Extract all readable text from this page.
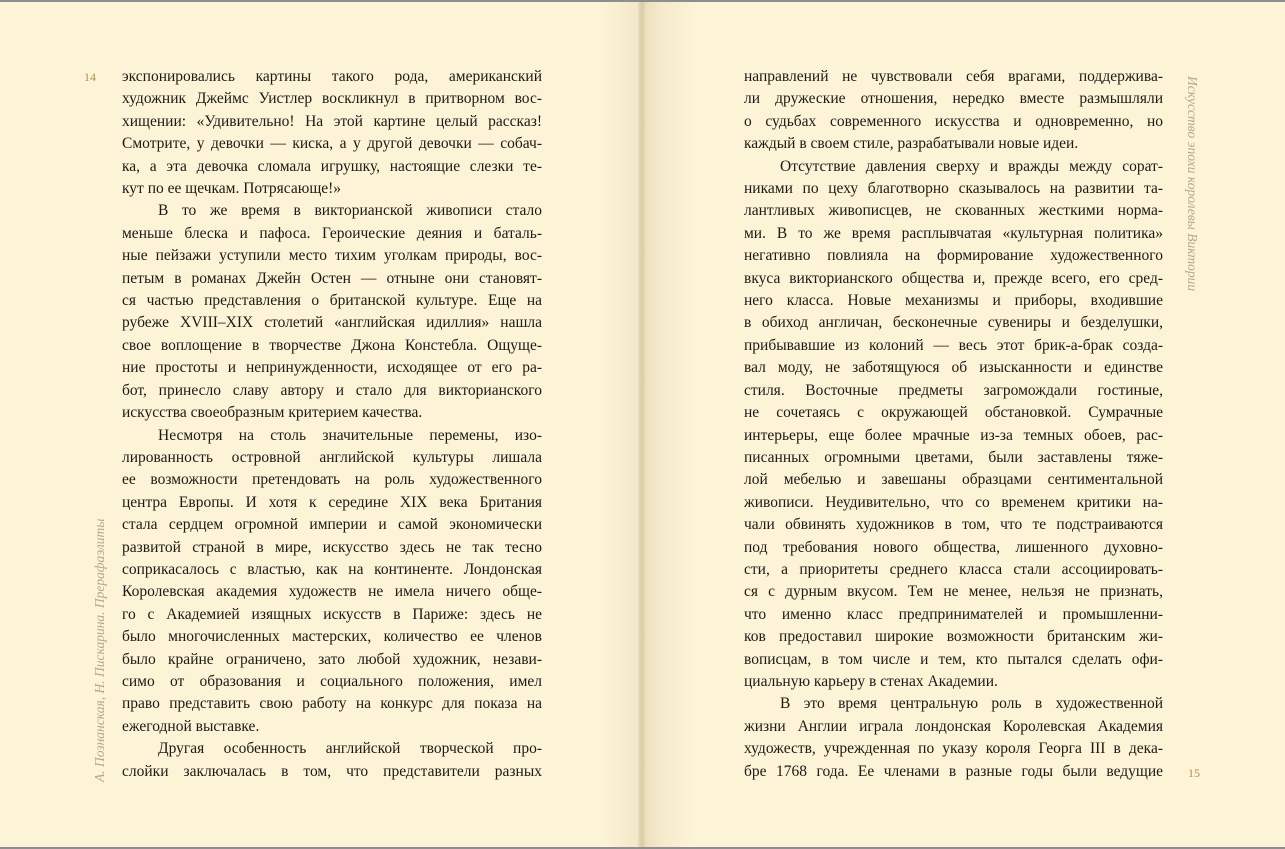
14
А. Познанская, Н. Пискарина. Прерафаэлиты
экспонировались картины такого рода, американский
художник Джеймс Уистлер воскликнул в притворном вос-
хищении: «Удивительно! На этой картине целый рассказ!
Смотрите, у девочки — киска, а у другой девочки — собач-
ка, а эта девочка сломала игрушку, настоящие слезки те-
кут по ее щечкам. Потрясающе!»
В то же время в викторианской живописи стало
меньше блеска и пафоса. Героические деяния и баталь-
ные пейзажи уступили место тихим уголкам природы, вос-
петым в романах Джейн Остен — отныне они становят-
ся частью представления о британской культуре. Еще на
рубеже XVIII–XIX столетий «английская идиллия» нашла
свое воплощение в творчестве Джона Констебла. Ощуще-
ние простоты и непринужденности, исходящее от его ра-
бот, принесло славу автору и стало для викторианского
искусства своеобразным критерием качества.
Несмотря на столь значительные перемены, изо-
лированность островной английской культуры лишала
ее возможности претендовать на роль художественного
центра Европы. И хотя к середине XIX века Британия
стала сердцем огромной империи и самой экономически
развитой страной в мире, искусство здесь не так тесно
соприкасалось с властью, как на континенте. Лондонская
Королевская академия художеств не имела ничего обще-
го с Академией изящных искусств в Париже: здесь не
было многочисленных мастерских, количество ее членов
было крайне ограничено, зато любой художник, незави-
симо от образования и социального положения, имел
право представить свою работу на конкурс для показа на
ежегодной выставке.
Другая особенность английской творческой про-
слойки заключалась в том, что представители разных	15
Искусство эпохи королевы Виктории
направлений не чувствовали себя врагами, поддержива-
ли дружеские отношения, нередко вместе размышляли
о судьбах современного искусства и одновременно, но
каждый в своем стиле, разрабатывали новые идеи.
Отсутствие давления сверху и вражды между сорат-
никами по цеху благотворно сказывалось на развитии та-
лантливых живописцев, не скованных жесткими норма-
ми. В то же время расплывчатая «культурная политика»
негативно повлияла на формирование художественного
вкуса викторианского общества и, прежде всего, его сред-
него класса. Новые механизмы и приборы, входившие
в обиход англичан, бесконечные сувениры и безделушки,
прибывавшие из колоний — весь этот брик-а-брак созда-
вал моду, не заботящуюся об изысканности и единстве
стиля. Восточные предметы загромождали гостиные,
не сочетаясь с окружающей обстановкой. Сумрачные
интерьеры, еще более мрачные из-за темных обоев, рас-
писанных огромными цветами, были заставлены тяже-
лой мебелью и завешаны образцами сентиментальной
живописи. Неудивительно, что со временем критики на-
чали обвинять художников в том, что те подстраиваются
под требования нового общества, лишенного духовно-
сти, а приоритеты среднего класса стали ассоциировать-
ся с дурным вкусом. Тем не менее, нельзя не признать,
что именно класс предпринимателей и промышленни-
ков предоставил широкие возможности британским жи-
вописцам, в том числе и тем, кто пытался сделать офи-
циальную карьеру в стенах Академии.
В это время центральную роль в художественной
жизни Англии играла лондонская Королевская Академия
художеств, учрежденная по указу короля Георга III в дека-
бре 1768 года. Ее членами в разные годы были ведущие
